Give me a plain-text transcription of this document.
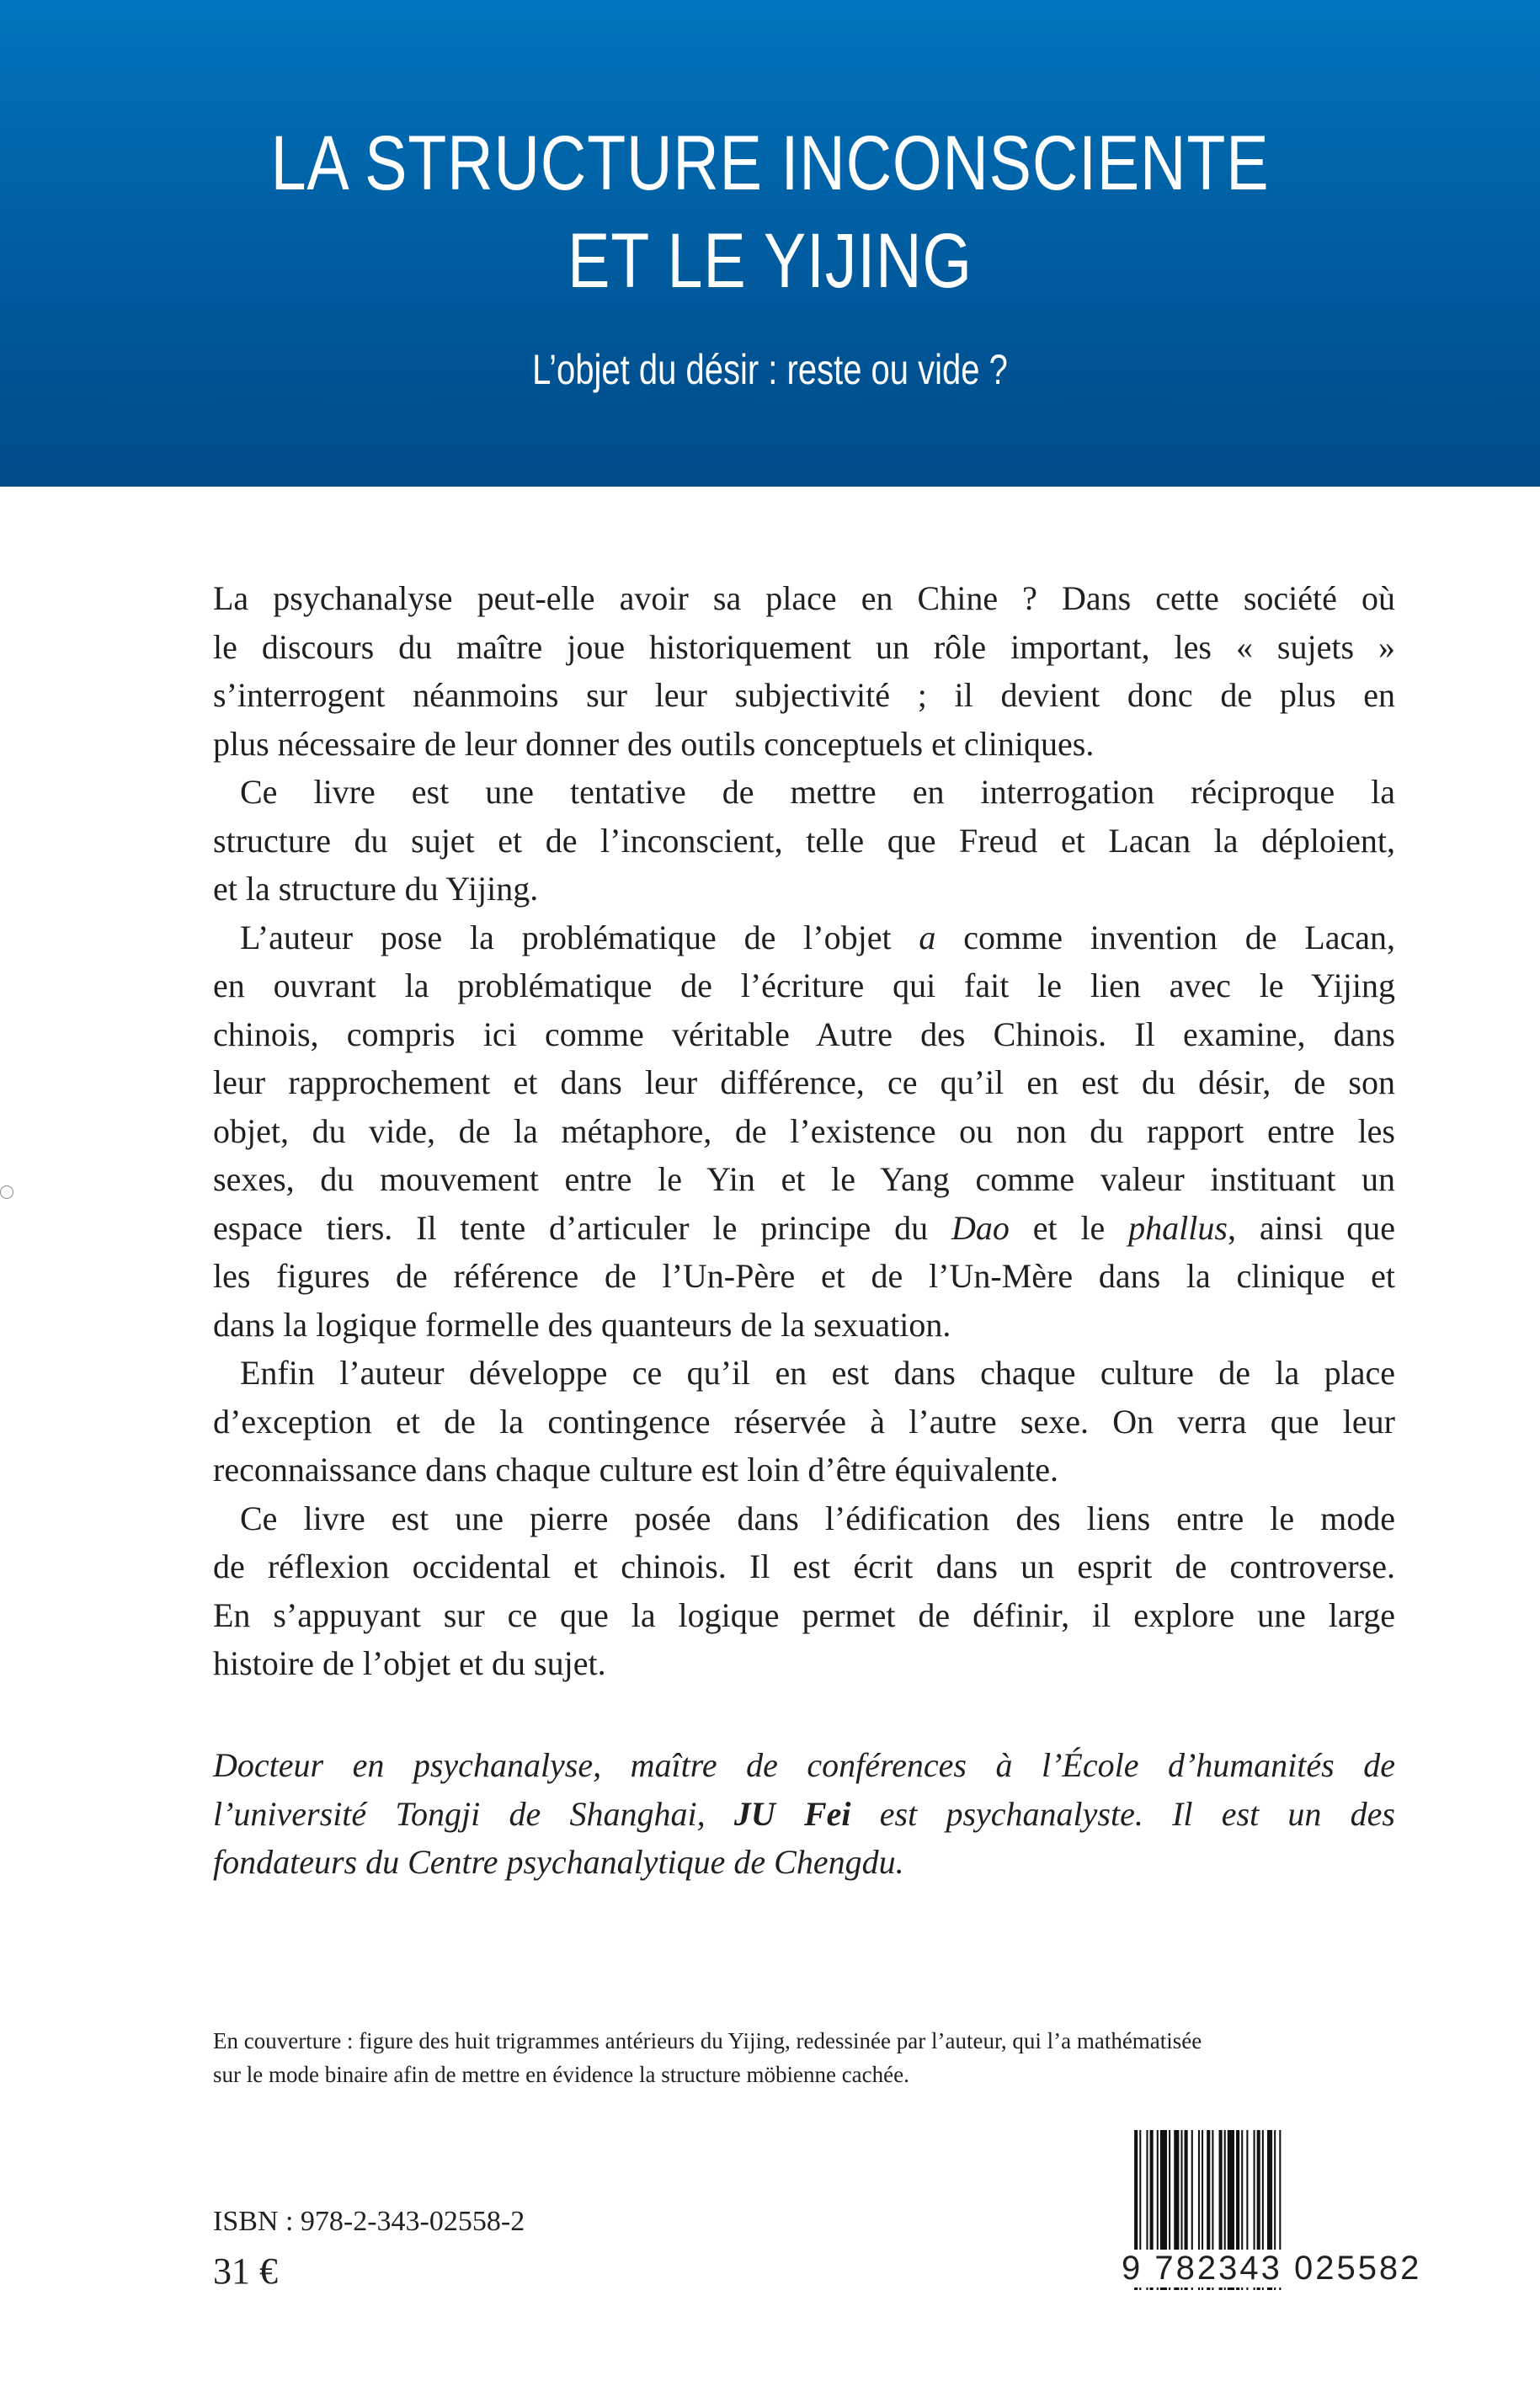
LA STRUCTURE INCONSCIENTE
ET LE YIJING
L’objet du désir : reste ou vide ?
La psychanalyse peut-elle avoir sa place en Chine ? Dans cette société où
le discours du maître joue historiquement un rôle important, les « sujets »
s’interrogent néanmoins sur leur subjectivité ; il devient donc de plus en
plus nécessaire de leur donner des outils conceptuels et cliniques.
Ce livre est une tentative de mettre en interrogation réciproque la
structure du sujet et de l’inconscient, telle que Freud et Lacan la déploient,
et la structure du Yijing.
L’auteur pose la problématique de l’objet a comme invention de Lacan,
en ouvrant la problématique de l’écriture qui fait le lien avec le Yijing
chinois, compris ici comme véritable Autre des Chinois. Il examine, dans
leur rapprochement et dans leur différence, ce qu’il en est du désir, de son
objet, du vide, de la métaphore, de l’existence ou non du rapport entre les
sexes, du mouvement entre le Yin et le Yang comme valeur instituant un
espace tiers. Il tente d’articuler le principe du Dao et le phallus, ainsi que
les figures de référence de l’Un-Père et de l’Un-Mère dans la clinique et
dans la logique formelle des quanteurs de la sexuation.
Enfin l’auteur développe ce qu’il en est dans chaque culture de la place
d’exception et de la contingence réservée à l’autre sexe. On verra que leur
reconnaissance dans chaque culture est loin d’être équivalente.
Ce livre est une pierre posée dans l’édification des liens entre le mode
de réflexion occidental et chinois. Il est écrit dans un esprit de controverse.
En s’appuyant sur ce que la logique permet de définir, il explore une large
histoire de l’objet et du sujet.
Docteur en psychanalyse, maître de conférences à l’École d’humanités de
l’université Tongji de Shanghai, JU Fei est psychanalyste. Il est un des
fondateurs du Centre psychanalytique de Chengdu.
En couverture : figure des huit trigrammes antérieurs du Yijing, redessinée par l’auteur, qui l’a mathématisée
sur le mode binaire afin de mettre en évidence la structure möbienne cachée.
ISBN : 978-2-343-02558-2
31 €	9 782343 025582
